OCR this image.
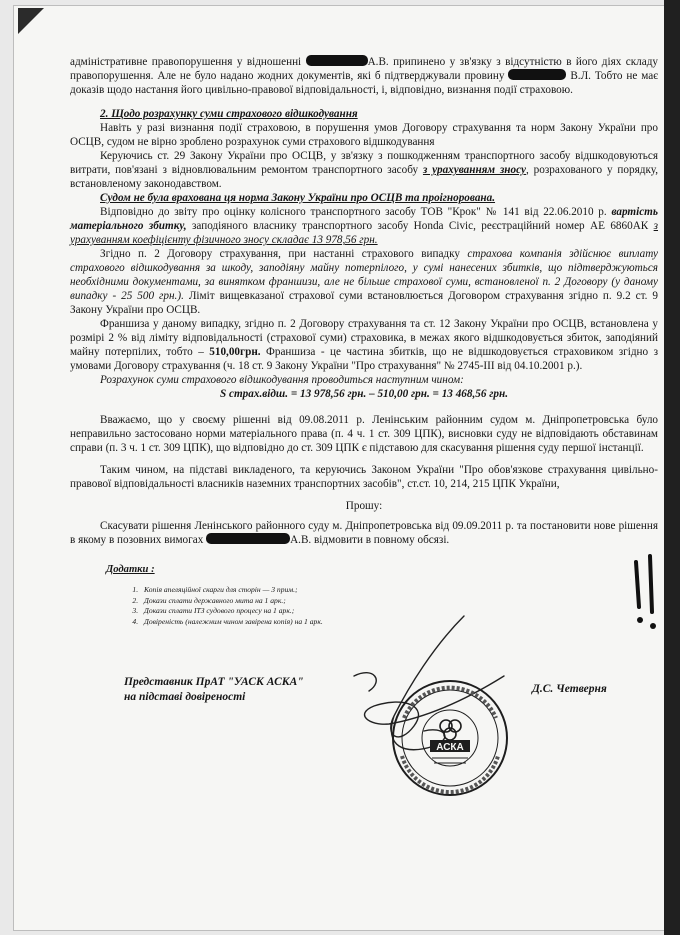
адміністративне правопорушення у відношенні	А.В. припинено у зв'язку з відсутністю в його діях складу правопорушення. Але не було надано жодних документів, які б підтверджували провину	В.Л. Тобто не має доказів щодо настання його цивільно-правової відповідальності, і, відповідно, визнання події страховою.

2. Щодо розрахунку суми страхового відшкодування

Навіть у разі визнання події страховою, в порушення умов Договору страхування та норм Закону України про ОСЦВ, судом не вірно зроблено розрахунок суми страхового відшкодування

Керуючись ст. 29 Закону України про ОСЦВ, у зв'язку з пошкодженням транспортного засобу відшкодовуються витрати, пов'язані з відновлювальним ремонтом транспортного засобу з урахуванням зносу, розрахованого у порядку, встановленому законодавством.

Судом не була врахована ця норма Закону України про ОСЦВ та проігнорована.

Відповідно до звіту про оцінку колісного транспортного засобу ТОВ "Крок" № 141 від 22.06.2010 р. вартість матеріального збитку, заподіяного власнику транспортного засобу Honda Civic, реєстраційний номер АЕ 6860АК з урахуванням коефіцієнту фізичного зносу складає 13 978,56 грн.

Згідно п. 2 Договору страхування, при настанні страхового випадку страхова компанія здійснює виплату страхового відшкодування за шкоду, заподіяну майну потерпілого, у сумі нанесених збитків, що підтверджуються необхідними документами, за винятком франшизи, але не більше страхової суми, встановленої п. 2 Договору (у даному випадку - 25 500 грн.). Ліміт вищевказаної страхової суми встановлюється Договором страхування згідно п. 9.2 ст. 9 Закону України про ОСЦВ.

Франшиза у даному випадку, згідно п. 2 Договору страхування та ст. 12 Закону України про ОСЦВ, встановлена у розмірі 2 % від ліміту відповідальності (страхової суми) страховика, в межах якого відшкодовується збиток, заподіяний майну потерпілих, тобто – 510,00грн. Франшиза - це частина збитків, що не відшкодовується страховиком згідно з умовами Договору страхування (ч. 18 ст. 9 Закону України "Про страхування" № 2745-ІІІ від 04.10.2001 р.).

Розрахунок суми страхового відшкодування проводиться наступним чином:

S страх.відш. = 13 978,56 грн. – 510,00 грн. = 13 468,56 грн.

Вважаємо, що у своєму рішенні від 09.08.2011 р. Ленінським районним судом м. Дніпропетровська було неправильно застосовано норми матеріального права (п. 4 ч. 1 ст. 309 ЦПК), висновки суду не відповідають обставинам справи (п. 3 ч. 1 ст. 309 ЦПК), що відповідно до ст. 309 ЦПК є підставою для скасування рішення суду першої інстанції.

Таким чином, на підставі викладеного, та керуючись Законом України "Про обов'язкове страхування цивільно-правової відповідальності власників наземних транспортних засобів", ст.ст. 10, 214, 215 ЦПК України,

Прошу:

Скасувати рішення Ленінського районного суду м. Дніпропетровська від 09.09.2011 р. та постановити нове рішення в якому в позовних вимогах	А.В. відмовити в повному обсязі.

Додатки :
1. Копія апеляційної скарги для сторін — 3 прим.;
2. Докази сплати державного мита на 1 арк.;
3. Докази сплати ІТЗ судового процесу на 1 арк.;
4. Довіреність (належним чином завірена копія) на 1 арк.
Представник ПрАТ "УАСК АСКА"
на підставі довіреності
Д.С. Четверня
АСКА
